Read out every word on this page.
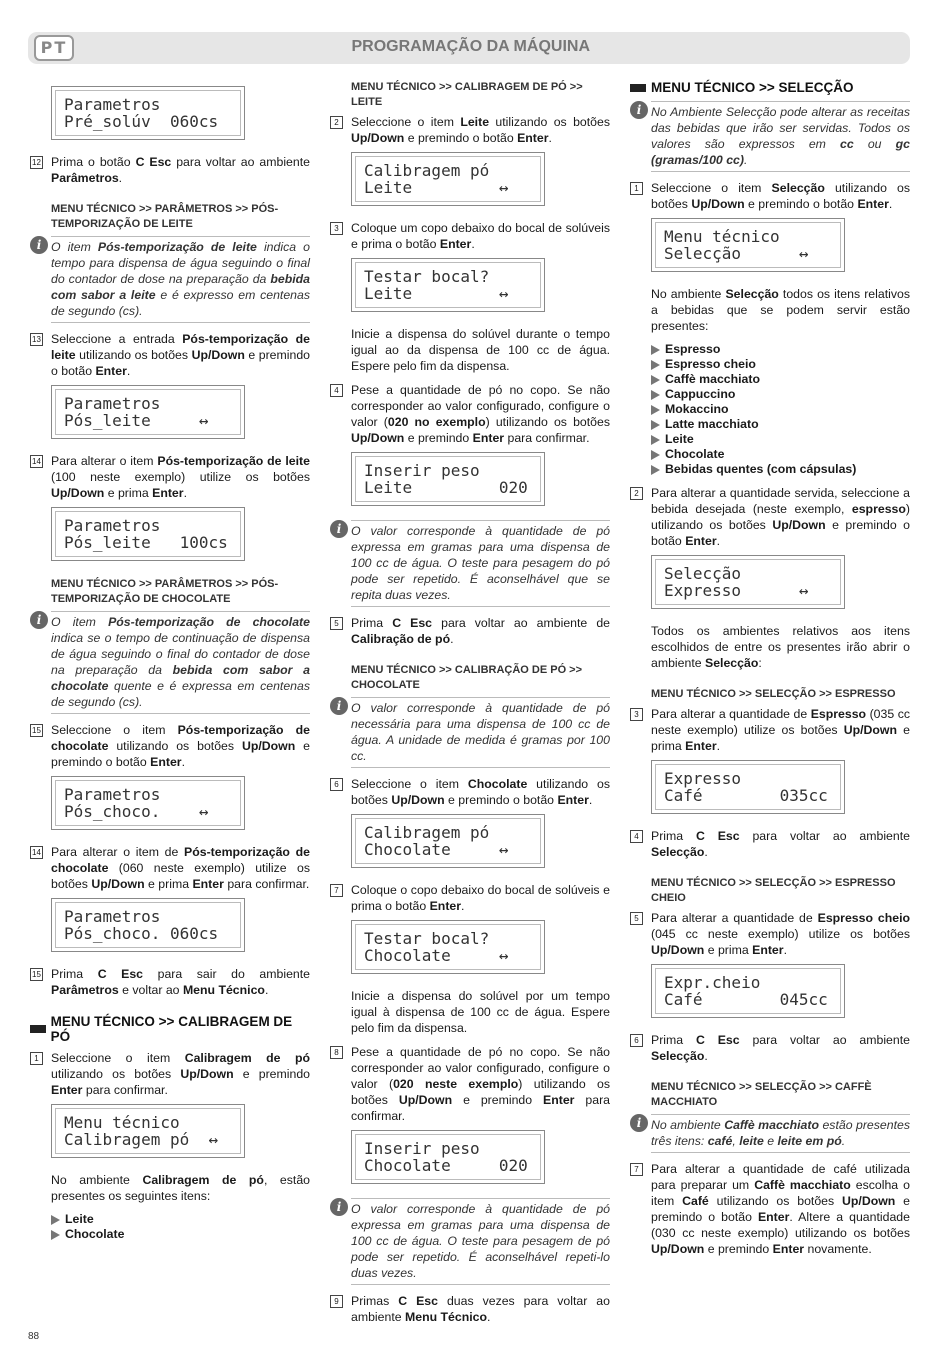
PT	PROGRAMAÇÃO DA MÁQUINA
Parametros
Pré_solúv  060cs
12 Prima o botão C Esc para voltar ao ambiente Parâmetros.
MENU TÉCNICO >> PARÂMETROS >> PÓS-TEMPORIZAÇÃO DE LEITE
i O item Pós-temporização de leite indica o tempo para dispensa de água seguindo o final do contador de dose na preparação da bebida com sabor a leite e é expresso em centenas de segundo (cs).
13 Seleccione a entrada Pós-temporização de leite utilizando os botões Up/Down e premindo o botão Enter.
Parametros
Pós_leite     ↔
14 Para alterar o item Pós-temporização de leite (100 neste exemplo) utilize os botões Up/Down e prima Enter.
Parametros
Pós_leite   100cs
MENU TÉCNICO >> PARÂMETROS >> PÓS-TEMPORIZAÇÃO DE CHOCOLATE
i O item Pós-temporização de chocolate indica se o tempo de continuação de dispensa de água seguindo o final do contador de dose na preparação da bebida com sabor a chocolate quente e é expressa em centenas de segundo (cs).
15 Seleccione o item Pós-temporização de chocolate utilizando os botões Up/Down e premindo o botão Enter.
Parametros
Pós_choco.    ↔
14 Para alterar o item de Pós-temporização de chocolate (060 neste exemplo) utilize os botões Up/Down e prima Enter para confirmar.
Parametros
Pós_choco. 060cs
15 Prima C Esc para sair do ambiente Parâmetros e voltar ao Menu Técnico.
MENU TÉCNICO >> CALIBRAGEM DE PÓ
1 Seleccione o item Calibragem de pó utilizando os botões Up/Down e premindo Enter para confirmar.
Menu técnico
Calibragem pó  ↔
No ambiente Calibragem de pó, estão presentes os seguintes itens:
Leite
Chocolate
MENU TÉCNICO >> CALIBRAGEM DE PÓ >> LEITE
2 Seleccione o item Leite utilizando os botões Up/Down e premindo o botão Enter.
Calibragem pó
Leite         ↔
3 Coloque um copo debaixo do bocal de solúveis e prima o botão Enter.
Testar bocal?
Leite         ↔
Inicie a dispensa do solúvel durante o tempo igual ao da dispensa de 100 cc de água. Espere pelo fim da dispensa.
4 Pese a quantidade de pó no copo. Se não corresponder ao valor configurado, configure o valor (020 no exemplo) utilizando os botões Up/Down e premindo Enter para confirmar.
Inserir peso
Leite         020
i O valor corresponde à quantidade de pó expressa em gramas para uma dispensa de 100 cc de água. O teste para pesagem do pó pode ser repetido. É aconselhável que se repita duas vezes.
5 Prima C Esc para voltar ao ambiente de Calibração de pó.
MENU TÉCNICO >> CALIBRAÇÃO DE PÓ >> CHOCOLATE
i O valor corresponde à quantidade de pó necessária para uma dispensa de 100 cc de água. A unidade de medida é gramas por 100 cc.
6 Seleccione o item Chocolate utilizando os botões Up/Down e premindo o botão Enter.
Calibragem pó
Chocolate     ↔
7 Coloque o copo debaixo do bocal de solúveis e prima o botão Enter.
Testar bocal?
Chocolate     ↔
Inicie a dispensa do solúvel por um tempo igual à dispensa de 100 cc de água. Espere pelo fim da dispensa.
8 Pese a quantidade de pó no copo. Se não corresponder ao valor configurado, configure o valor (020 neste exemplo) utilizando os botões Up/Down e premindo Enter para confirmar.
Inserir peso
Chocolate     020
i O valor corresponde à quantidade de pó expressa em gramas para uma dispensa de 100 cc de água. O teste para pesagem de pó pode ser repetido. É aconselhável repeti-lo duas vezes.
9 Primas C Esc duas vezes para voltar ao ambiente Menu Técnico.
MENU TÉCNICO >> SELECÇÃO
i No Ambiente Selecção pode alterar as receitas das bebidas que irão ser servidas. Todos os valores são expressos em cc ou gc (gramas/100 cc).
1 Seleccione o item Selecção utilizando os botões Up/Down e premindo o botão Enter.
Menu técnico
Selecção      ↔
No ambiente Selecção todos os itens relativos a bebidas que se podem servir estão presentes:
Espresso
Espresso cheio
Caffè macchiato
Cappuccino
Mokaccino
Latte macchiato
Leite
Chocolate
Bebidas quentes (com cápsulas)
2 Para alterar a quantidade servida, seleccione a bebida desejada (neste exemplo, espresso) utilizando os botões Up/Down e premindo o botão Enter.
Selecção
Expresso      ↔
Todos os ambientes relativos aos itens escolhidos de entre os presentes irão abrir o ambiente Selecção:
MENU TÉCNICO >> SELECÇÃO >> ESPRESSO
3 Para alterar a quantidade de Espresso (035 cc neste exemplo) utilize os botões Up/Down e prima Enter.
Expresso
Café        035cc
4 Prima C Esc para voltar ao ambiente Selecção.
MENU TÉCNICO >> SELECÇÃO >> ESPRESSO CHEIO
5 Para alterar a quantidade de Espresso cheio (045 cc neste exemplo) utilize os botões Up/Down e prima Enter.
Expr.cheio
Café        045cc
6 Prima C Esc para voltar ao ambiente Selecção.
MENU TÉCNICO >> SELECÇÃO >> CAFFÈ MACCHIATO
i No ambiente Caffè macchiato estão presentes três itens: café, leite e leite em pó.
7 Para alterar a quantidade de café utilizada para preparar um Caffè macchiato escolha o item Café utilizando os botões Up/Down e premindo o botão Enter. Altere a quantidade (030 cc neste exemplo) utilizando os botões Up/Down e premindo Enter novamente.
88
